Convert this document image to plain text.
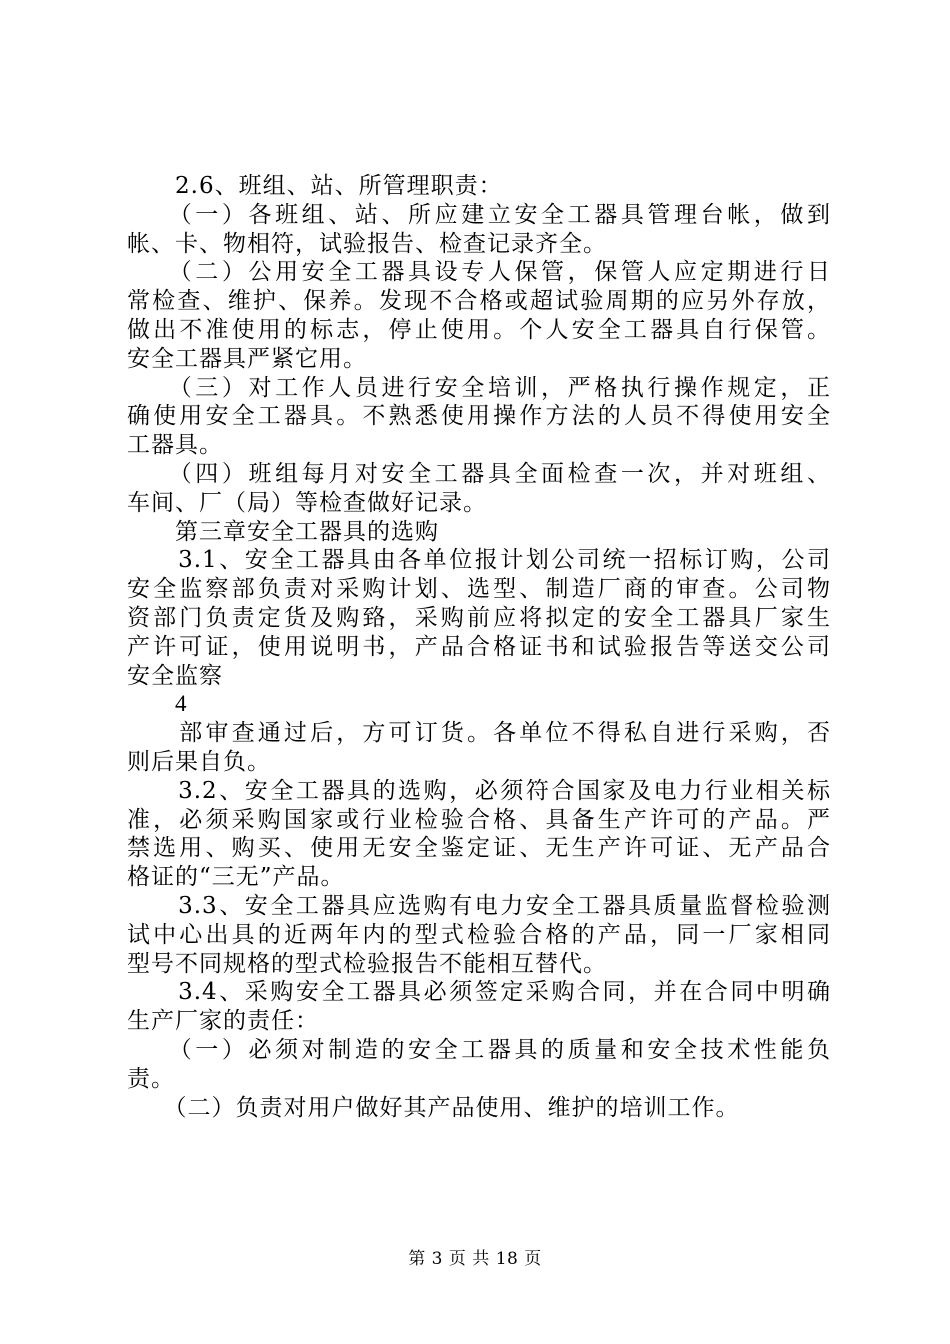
　　2.6、班组、站、所管理职责：
　　（一）各班组、站、所应建立安全工器具管理台帐，做到
帐、卡、物相符，试验报告、检查记录齐全。
　　（二）公用安全工器具设专人保管，保管人应定期进行日
常检查、维护、保养。发现不合格或超试验周期的应另外存放，
做出不准使用的标志，停止使用。个人安全工器具自行保管。
安全工器具严紧它用。
　　（三）对工作人员进行安全培训，严格执行操作规定，正
确使用安全工器具。不熟悉使用操作方法的人员不得使用安全
工器具。
　　（四）班组每月对安全工器具全面检查一次，并对班组、
车间、厂（局）等检查做好记录。
　　第三章安全工器具的选购
　　3.1、安全工器具由各单位报计划公司统一招标订购，公司
安全监察部负责对采购计划、选型、制造厂商的审查。公司物
资部门负责定货及购臵，采购前应将拟定的安全工器具厂家生
产许可证，使用说明书，产品合格证书和试验报告等送交公司
安全监察
　　4
　　部审查通过后，方可订货。各单位不得私自进行采购，否
则后果自负。
　　3.2、安全工器具的选购，必须符合国家及电力行业相关标
准，必须采购国家或行业检验合格、具备生产许可的产品。严
禁选用、购买、使用无安全鉴定证、无生产许可证、无产品合
格证的“三无”产品。
　　3.3、安全工器具应选购有电力安全工器具质量监督检验测
试中心出具的近两年内的型式检验合格的产品，同一厂家相同
型号不同规格的型式检验报告不能相互替代。
　　3.4、采购安全工器具必须签定采购合同，并在合同中明确
生产厂家的责任：
　　（一）必须对制造的安全工器具的质量和安全技术性能负
责。
　　（二）负责对用户做好其产品使用、维护的培训工作。
第 3 页 共 18 页
